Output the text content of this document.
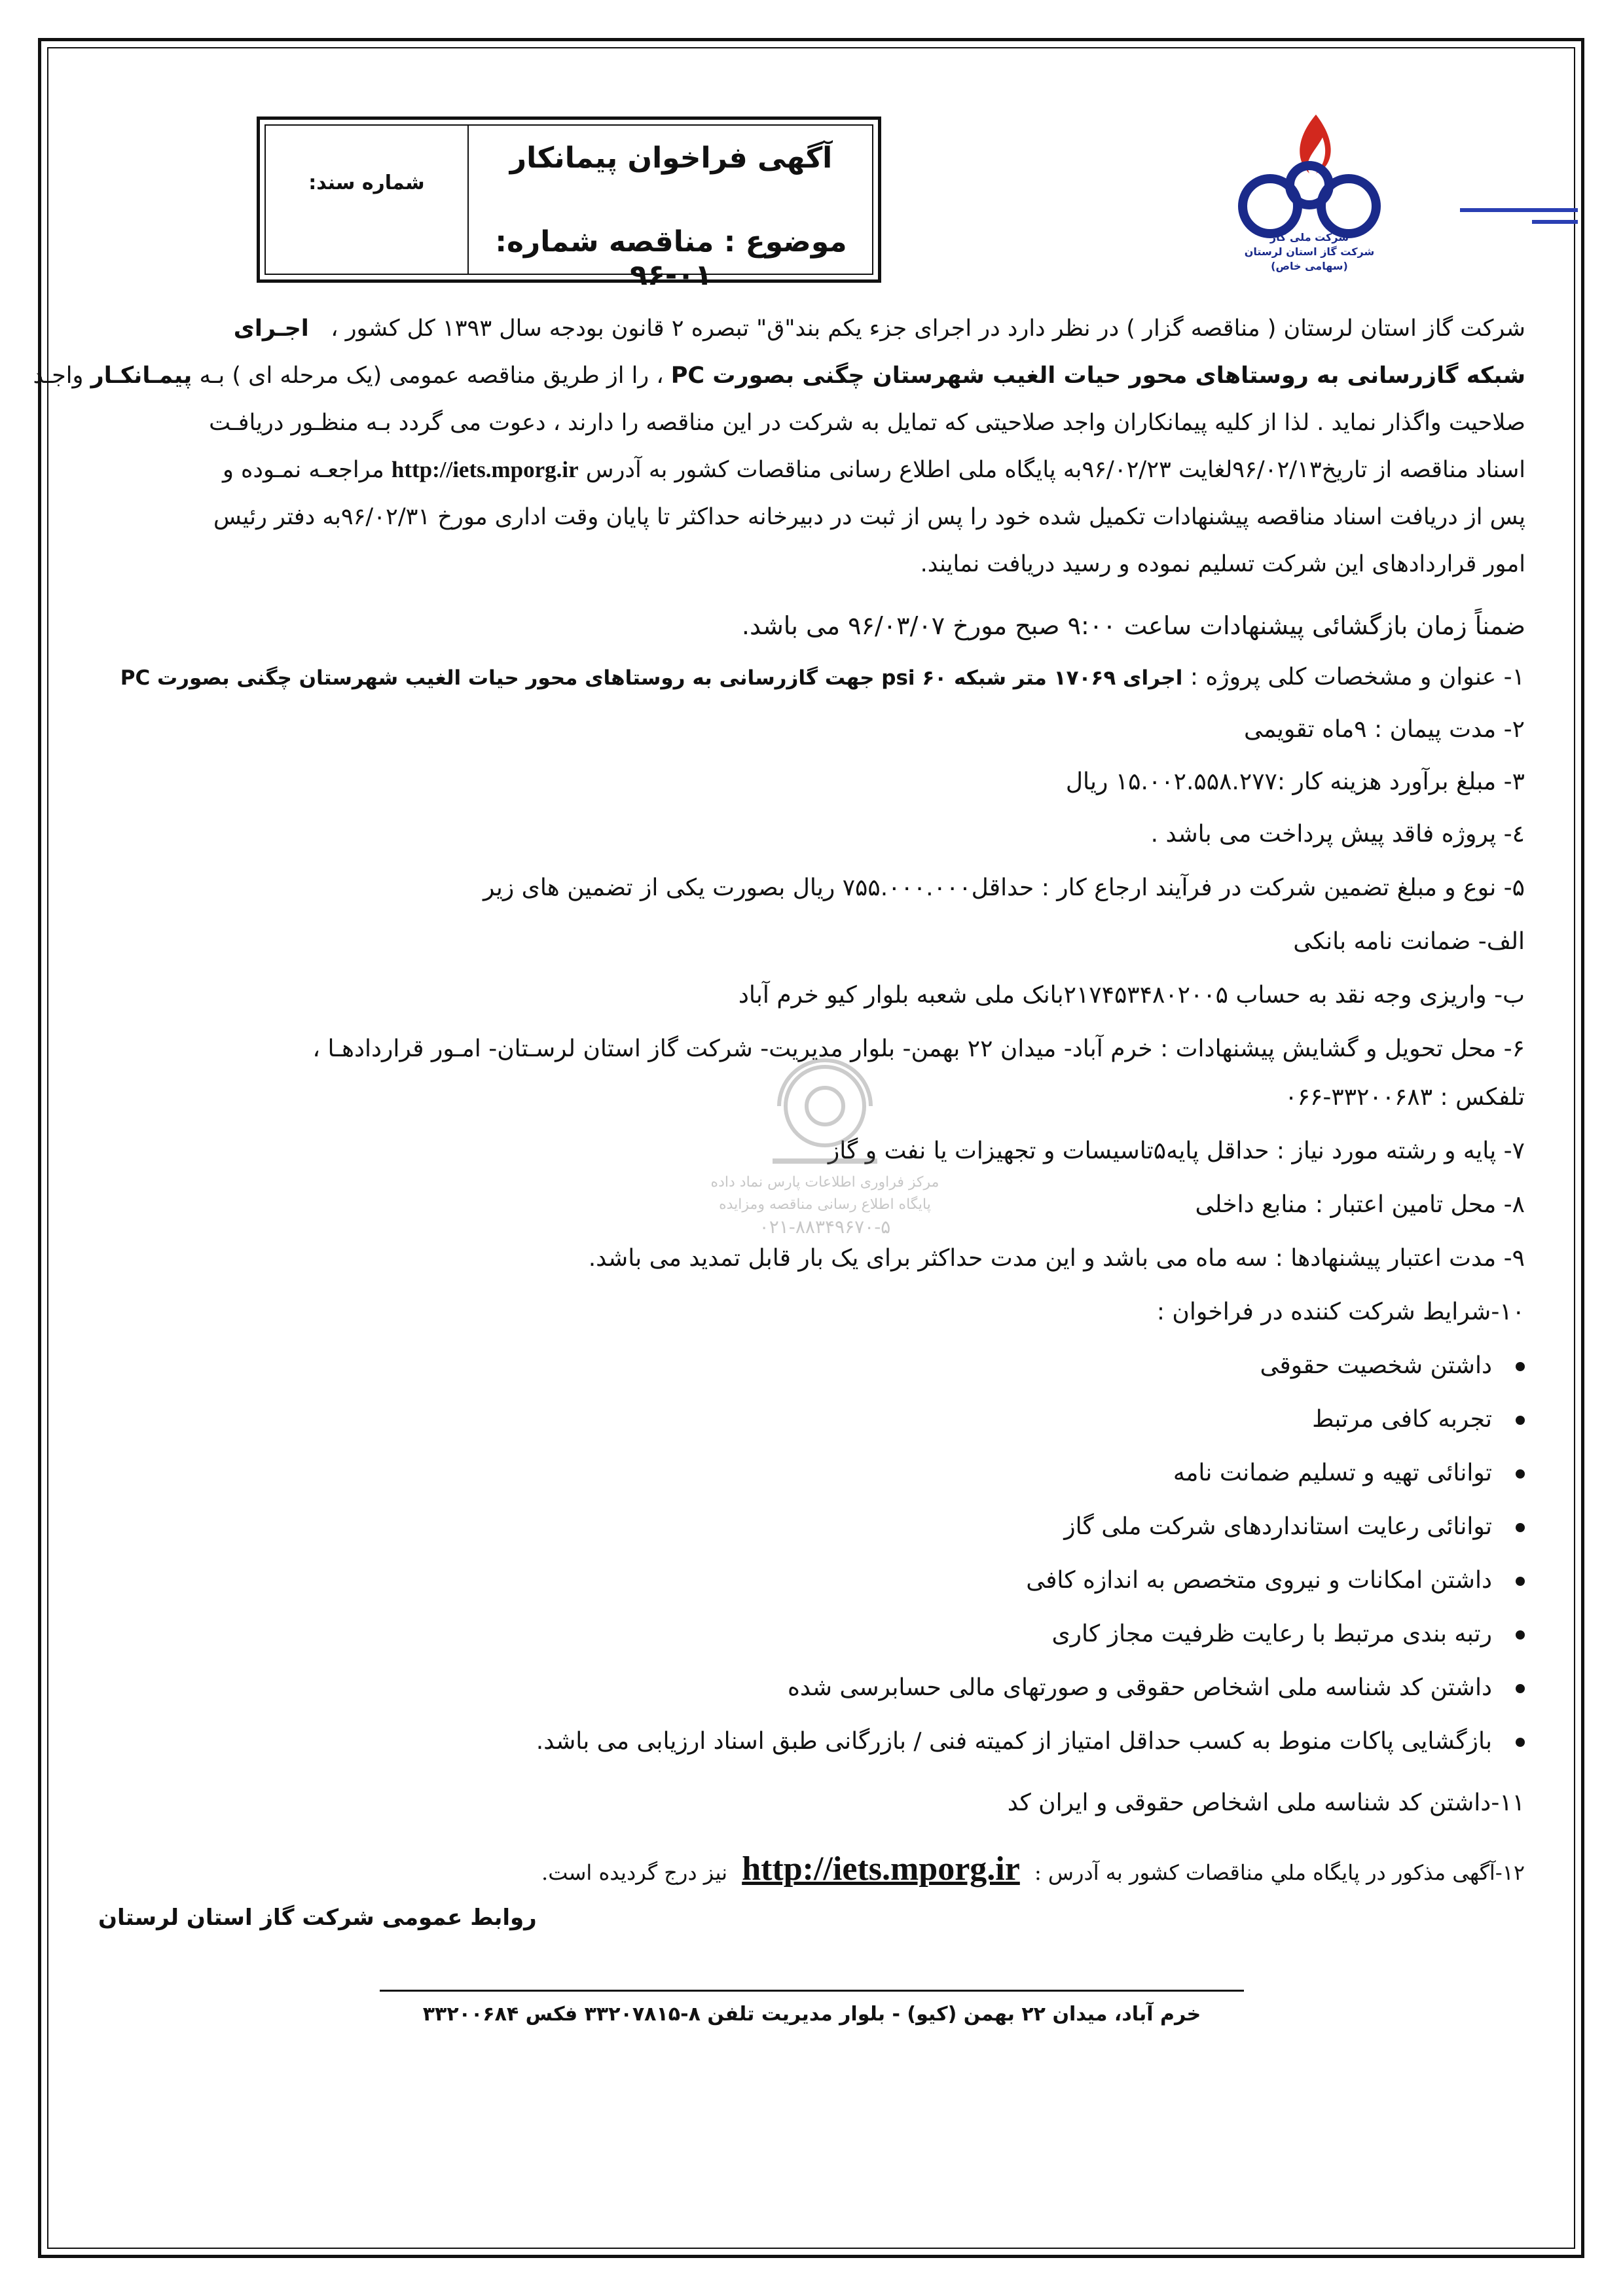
شرکت ملی گاز
شرکت گاز استان لرستان
(سهامی خاص)
شماره سند:
آگهی فراخوان پیمانکار
موضوع : مناقصه شماره: ۰۱-۹۶
شرکت گاز استان لرستان ( مناقصه گزار ) در نظر دارد در اجرای جزء یکم بند"ق" تبصره ۲ قانون بودجه سال ۱۳۹۳ کل کشور ،   اجـرای
شبکه گازرسانی به روستاهای محور حیات الغیب شهرستان چگنی بصورت PC ، را از طریق مناقصه عمومی (یک مرحله ای ) بـه پیمـانکـار واجـد
صلاحیت واگذار نماید . لذا از کلیه پیمانکاران واجد صلاحیتی که تمایل به شرکت در این مناقصه را دارند ، دعوت می گردد بـه منظـور دریافـت
اسناد مناقصه از تاریخ۹۶/۰۲/۱۳لغایت ۹۶/۰۲/۲۳به پایگاه ملی اطلاع رسانی مناقصات کشور به آدرس http://iets.mporg.ir مراجعـه نمـوده و
پس از دریافت اسناد مناقصه پیشنهادات تکمیل شده خود را پس از ثبت در دبیرخانه حداکثر تا پایان وقت اداری مورخ ۹۶/۰۲/۳۱به دفتر رئیس
امور قراردادهای این شرکت تسلیم نموده و رسید دریافت نمایند.
ضمناً زمان بازگشائی پیشنهادات ساعت ۹:۰۰ صبح مورخ ۹۶/۰۳/۰۷ می باشد.
۱- عنوان و مشخصات کلی پروژه : اجرای ۱۷۰۶۹ متر شبکه ۶۰ psi جهت گازرسانی به روستاهای محور حیات الغیب شهرستان چگنی بصورت PC
۲- مدت پیمان : ۹ماه تقویمی
۳- مبلغ برآورد هزینه کار :۱۵.۰۰۲.۵۵۸.۲۷۷ ریال
٤- پروژه فاقد پیش پرداخت می باشد .
۵- نوع و مبلغ تضمین شرکت در فرآیند ارجاع کار : حداقل۷۵۵.۰۰۰.۰۰۰ ریال بصورت یکی از تضمین های زیر
الف- ضمانت نامه بانکی
ب- واریزی وجه نقد به حساب ۲۱۷۴۵۳۴۸۰۲۰۰۵بانک ملی شعبه بلوار کیو خرم آباد
۶- محل تحویل و گشایش پیشنهادات : خرم آباد- میدان ۲۲ بهمن- بلوار مدیریت- شرکت گاز استان لرسـتان- امـور قراردادهـا ،
تلفکس : ۳۳۲۰۰۶۸۳-۰۶۶
۷- پایه و رشته مورد نیاز : حداقل پایه۵تاسیسات و تجهیزات یا نفت و گاز
۸- محل تامین اعتبار : منابع داخلی
۹- مدت اعتبار پیشنهادها : سه ماه می باشد و این مدت حداکثر برای یک بار قابل تمدید می باشد.
۱۰-شرایط شرکت کننده در فراخوان :
داشتن شخصیت حقوقی
تجربه کافی مرتبط
توانائی تهیه و تسلیم ضمانت نامه
توانائی رعایت استانداردهای شرکت ملی گاز
داشتن امکانات و نیروی متخصص به اندازه کافی
رتبه بندی مرتبط با رعایت ظرفیت مجاز کاری
داشتن کد شناسه ملی اشخاص حقوقی و صورتهای مالی حسابرسی شده
بازگشایی پاکات منوط به کسب حداقل امتیاز از کمیته فنی / بازرگانی طبق اسناد ارزیابی می باشد.
۱۱-داشتن کد شناسه ملی اشخاص حقوقی و ایران کد
۱۲-آگهی مذکور در پایگاه ملي مناقصات کشور به آدرس : http://iets.mporg.ir نیز درج گردیده است.
روابط عمومی شرکت گاز استان لرستان
مرکز فراوری اطلاعات پارس نماد داده
پایگاه اطلاع رسانی مناقصه ومزایده
۰۲۱-۸۸۳۴۹۶۷۰-۵
خرم آباد، میدان ۲۲ بهمن (کیو) - بلوار مدیریت تلفن ۸-۳۳۲۰۷۸۱۵ فکس ۳۳۲۰۰۶۸۴
